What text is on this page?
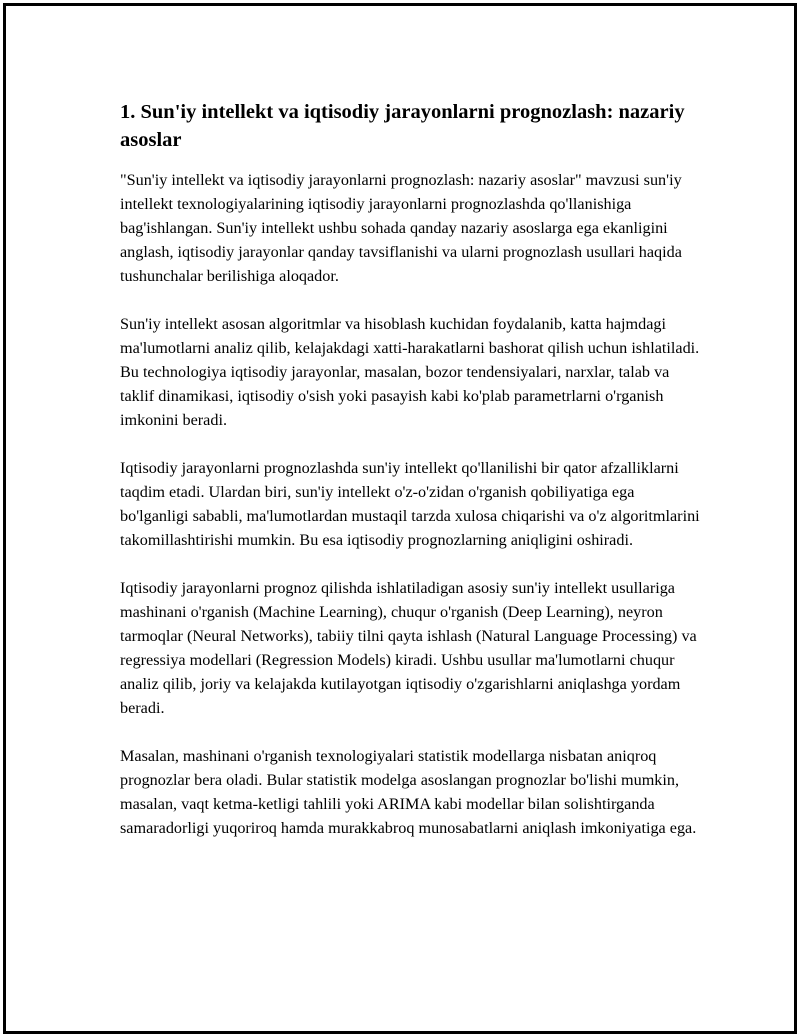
1. Sun'iy intellekt va iqtisodiy jarayonlarni prognozlash: nazariy asoslar

"Sun'iy intellekt va iqtisodiy jarayonlarni prognozlash: nazariy asoslar" mavzusi sun'iy intellekt texnologiyalarining iqtisodiy jarayonlarni prognozlashda qo'llanishiga bag'ishlangan. Sun'iy intellekt ushbu sohada qanday nazariy asoslarga ega ekanligini anglash, iqtisodiy jarayonlar qanday tavsiflanishi va ularni prognozlash usullari haqida tushunchalar berilishiga aloqador.

Sun'iy intellekt asosan algoritmlar va hisoblash kuchidan foydalanib, katta hajmdagi ma'lumotlarni analiz qilib, kelajakdagi xatti-harakatlarni bashorat qilish uchun ishlatiladi. Bu technologiya iqtisodiy jarayonlar, masalan, bozor tendensiyalari, narxlar, talab va taklif dinamikasi, iqtisodiy o'sish yoki pasayish kabi ko'plab parametrlarni o'rganish imkonini beradi.

Iqtisodiy jarayonlarni prognozlashda sun'iy intellekt qo'llanilishi bir qator afzalliklarni taqdim etadi. Ulardan biri, sun'iy intellekt o'z-o'zidan o'rganish qobiliyatiga ega bo'lganligi sababli, ma'lumotlardan mustaqil tarzda xulosa chiqarishi va o'z algoritmlarini takomillashtirishi mumkin. Bu esa iqtisodiy prognozlarning aniqligini oshiradi.

Iqtisodiy jarayonlarni prognoz qilishda ishlatiladigan asosiy sun'iy intellekt usullariga mashinani o'rganish (Machine Learning), chuqur o'rganish (Deep Learning), neyron tarmoqlar (Neural Networks), tabiiy tilni qayta ishlash (Natural Language Processing) va regressiya modellari (Regression Models) kiradi. Ushbu usullar ma'lumotlarni chuqur analiz qilib, joriy va kelajakda kutilayotgan iqtisodiy o'zgarishlarni aniqlashga yordam beradi.

Masalan, mashinani o'rganish texnologiyalari statistik modellarga nisbatan aniqroq prognozlar bera oladi. Bular statistik modelga asoslangan prognozlar bo'lishi mumkin, masalan, vaqt ketma-ketligi tahlili yoki ARIMA kabi modellar bilan solishtirganda samaradorligi yuqoriroq hamda murakkabroq munosabatlarni aniqlash imkoniyatiga ega.
